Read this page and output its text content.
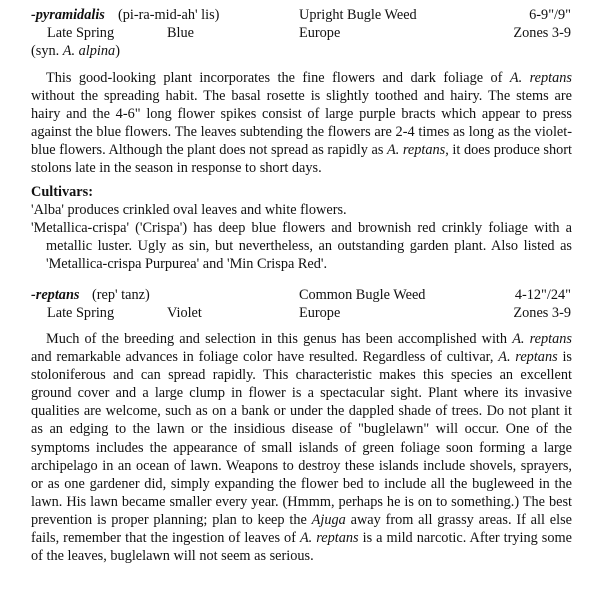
-pyramidalis (pi-ra-mid-ah' lis)	Upright Bugle Weed	6-9"/9"
Late Spring	Blue	Europe	Zones 3-9
(syn. A. alpina)

This good-looking plant incorporates the fine flowers and dark foliage of A. reptans without the spreading habit. The basal rosette is slightly toothed and hairy. The stems are hairy and the 4-6" long flower spikes consist of large purple bracts which appear to press against the blue flowers. The leaves subtending the flowers are 2-4 times as long as the violet-blue flowers. Although the plant does not spread as rapidly as A. reptans, it does produce short stolons late in the season in response to short days.

Cultivars:

'Alba' produces crinkled oval leaves and white flowers.

'Metallica-crispa' ('Crispa') has deep blue flowers and brownish red crinkly foliage with a metallic luster. Ugly as sin, but nevertheless, an outstanding garden plant. Also listed as 'Metallica-crispa Purpurea' and 'Min Crispa Red'.

-reptans (rep' tanz)	Common Bugle Weed	4-12"/24"
Late Spring	Violet	Europe	Zones 3-9

Much of the breeding and selection in this genus has been accomplished with A. reptans and remarkable advances in foliage color have resulted. Regardless of cultivar, A. reptans is stoloniferous and can spread rapidly. This characteristic makes this species an excellent ground cover and a large clump in flower is a spectacular sight. Plant where its invasive qualities are welcome, such as on a bank or under the dappled shade of trees. Do not plant it as an edging to the lawn or the insidious disease of "buglelawn" will occur. One of the symptoms includes the appearance of small islands of green foliage soon forming a large archipelago in an ocean of lawn. Weapons to destroy these islands include shovels, sprayers, or as one gardener did, simply expanding the flower bed to include all the bugleweed in the lawn. His lawn became smaller every year. (Hmmm, perhaps he is on to something.) The best prevention is proper planning; plan to keep the Ajuga away from all grassy areas. If all else fails, remember that the ingestion of leaves of A. reptans is a mild narcotic. After trying some of the leaves, buglelawn will not seem as serious.
